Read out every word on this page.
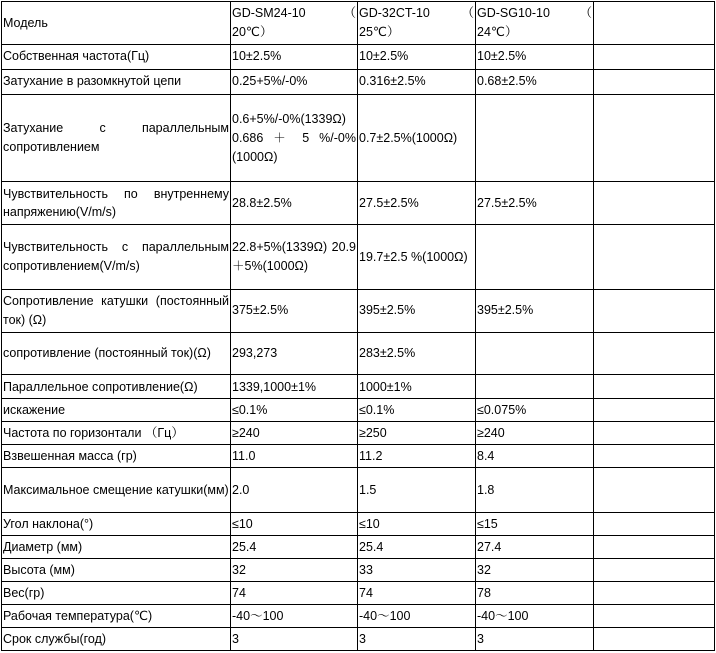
Модель	GD-SM24-10 （ 20℃）	GD-32CT-10 （ 25℃）	GD-SG10-10 （ 24℃）	
Собственная частота(Гц)	10±2.5%	10±2.5%	10±2.5%	
Затухание в разомкнутой цепи	0.25+5%/-0%	0.316±2.5%	0.68±2.5%	
Затухание с параллельным сопротивлением	0.6+5%/-0%(1339Ω) 0.686 ＋ 5 %/-0%(1000Ω)	0.7±2.5%(1000Ω)		
Чувствительность по внутреннему напряжению(V/m/s)	28.8±2.5%	27.5±2.5%	27.5±2.5%	
Чувствительность с параллельным сопротивлением(V/m/s)	22.8+5%(1339Ω) 20.9＋5%(1000Ω)	19.7±2.5 %(1000Ω)		
Сопротивление катушки (постоянный ток) (Ω)	375±2.5%	395±2.5%	395±2.5%	
сопротивление (постоянный ток)(Ω)	293,273	283±2.5%		
Параллельное сопротивление(Ω)	1339,1000±1%	1000±1%		
искажение	≤0.1%	≤0.1%	≤0.075%	
Частота по горизонтали （Гц）	≥240	≥250	≥240	
Взвешенная масса (гр)	11.0	11.2	8.4	
Максимальное смещение катушки(мм)	2.0	1.5	1.8	
Угол наклона(°)	≤10	≤10	≤15	
Диаметр (мм)	25.4	25.4	27.4	
Высота (мм)	32	33	32	
Вес(гр)	74	74	78	
Рабочая температура(℃)	-40～100	-40～100	-40～100	
Срок службы(год)	3	3	3	
